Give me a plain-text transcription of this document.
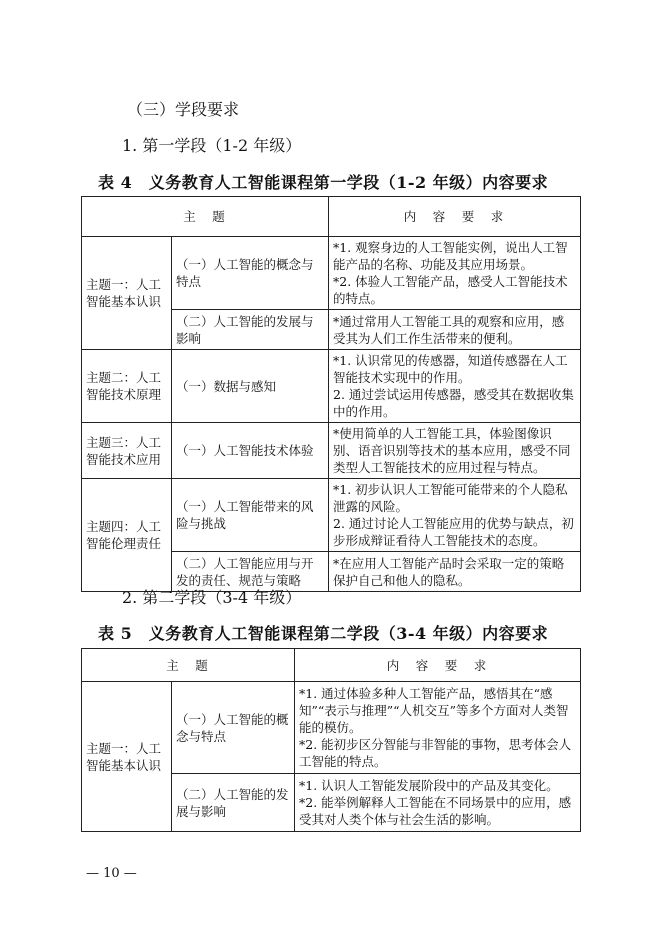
（三）学段要求
1. 第一学段（1-2 年级）
表 4　义务教育人工智能课程第一学段（1-2 年级）内容要求
主　题		内　容　要　求
主题一：人工智能基本认识	（一）人工智能的概念与特点	*1. 观察身边的人工智能实例，说出人工智能产品的名称、功能及其应用场景。
*2. 体验人工智能产品，感受人工智能技术的特点。

	（二）人工智能的发展与影响	*通过常用人工智能工具的观察和应用，感受其为人们工作生活带来的便利。

主题二：人工智能技术原理	（一）数据与感知	*1. 认识常见的传感器，知道传感器在人工智能技术实现中的作用。
2. 通过尝试运用传感器，感受其在数据收集中的作用。

主题三：人工智能技术应用	（一）人工智能技术体验	*使用简单的人工智能工具，体验图像识别、语音识别等技术的基本应用，感受不同类型人工智能技术的应用过程与特点。

主题四：人工智能伦理责任	（一）人工智能带来的风险与挑战	*1. 初步认识人工智能可能带来的个人隐私泄露的风险。
2. 通过讨论人工智能应用的优势与缺点，初步形成辩证看待人工智能技术的态度。

	（二）人工智能应用与开发的责任、规范与策略	*在应用人工智能产品时会采取一定的策略保护自己和他人的隐私。
2. 第二学段（3-4 年级）
表 5　义务教育人工智能课程第二学段（3-4 年级）内容要求
主　题		内　容　要　求
主题一：人工智能基本认识	（一）人工智能的概念与特点	*1. 通过体验多种人工智能产品，感悟其在“感知”“表示与推理”“人机交互”等多个方面对人类智能的模仿。
*2. 能初步区分智能与非智能的事物，思考体会人工智能的特点。

	（二）人工智能的发展与影响	*1. 认识人工智能发展阶段中的产品及其变化。
*2. 能举例解释人工智能在不同场景中的应用，感受其对人类个体与社会生活的影响。
— 10 —
